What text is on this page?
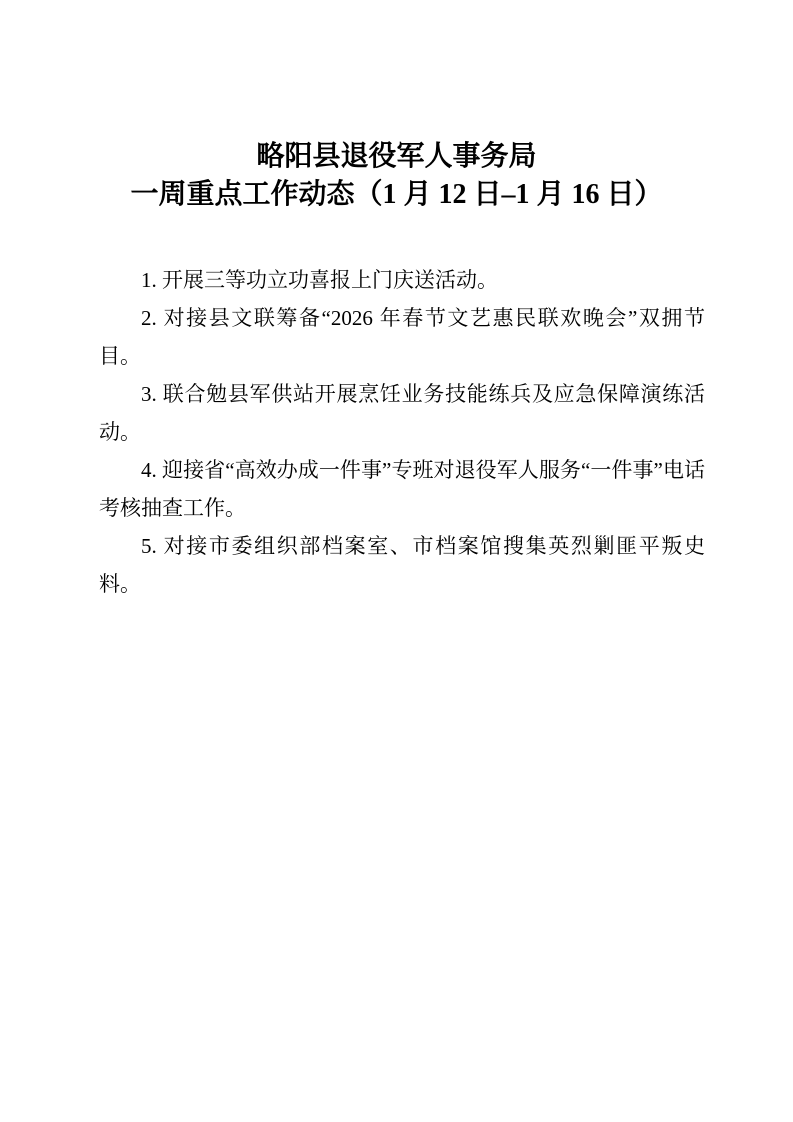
略阳县退役军人事务局
一周重点工作动态（1 月 12 日–1 月 16 日）

1. 开展三等功立功喜报上门庆送活动。

2. 对接县文联筹备“2026 年春节文艺惠民联欢晚会”双拥节目。

3. 联合勉县军供站开展烹饪业务技能练兵及应急保障演练活动。

4. 迎接省“高效办成一件事”专班对退役军人服务“一件事”电话考核抽查工作。

5. 对接市委组织部档案室、市档案馆搜集英烈剿匪平叛史料。
